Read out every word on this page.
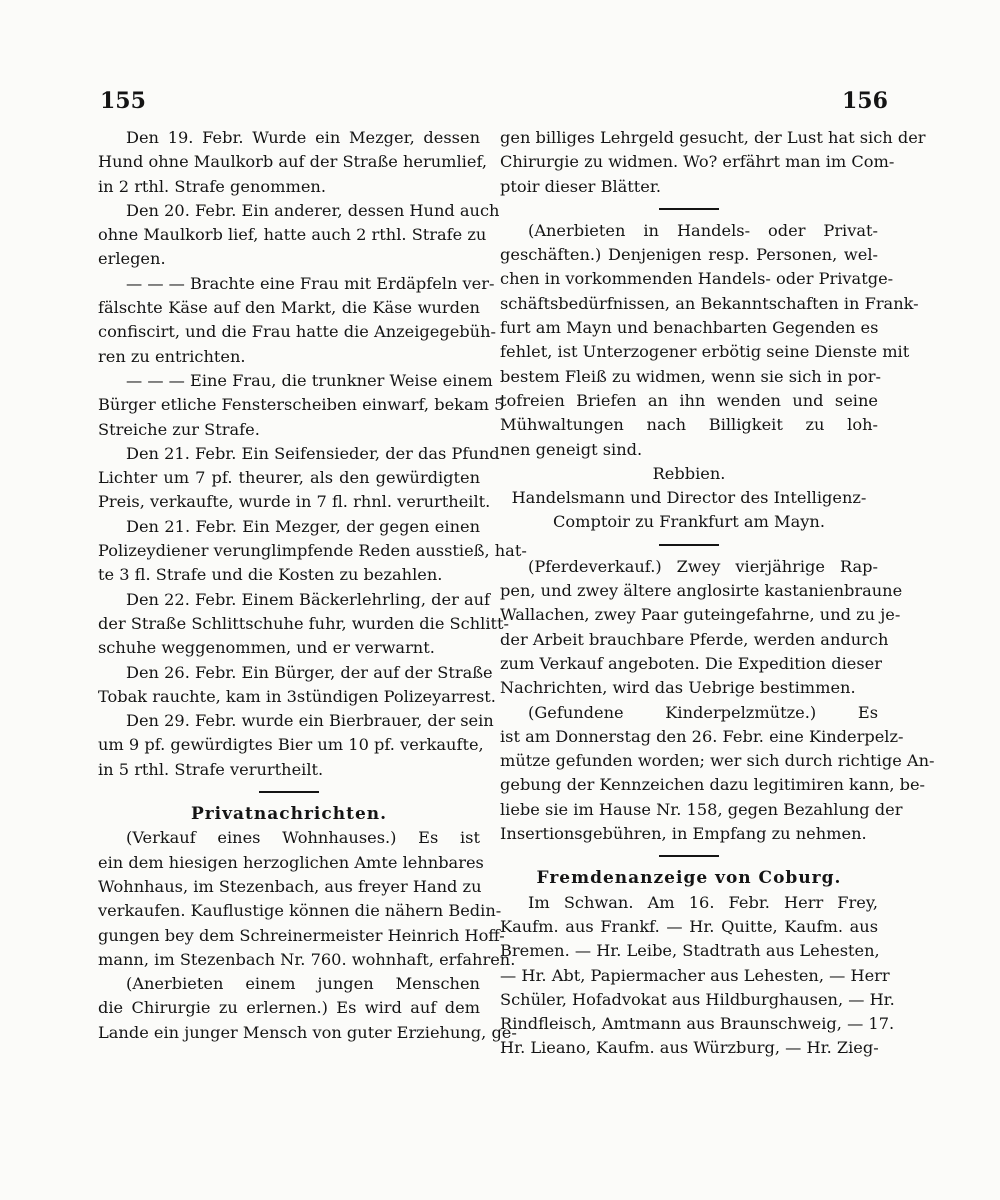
155	156
Den 19. Febr. Wurde ein Mezger, dessen
Hund ohne Maulkorb auf der Straße herumlief,
in 2 rthl. Strafe genommen.
Den 20. Febr. Ein anderer, dessen Hund auch
ohne Maulkorb lief, hatte auch 2 rthl. Strafe zu
erlegen.
— — — Brachte eine Frau mit Erdäpfeln ver-
fälschte Käse auf den Markt, die Käse wurden
confiscirt, und die Frau hatte die Anzeigegebüh-
ren zu entrichten.
— — — Eine Frau, die trunkner Weise einem
Bürger etliche Fensterscheiben einwarf, bekam 5
Streiche zur Strafe.
Den 21. Febr. Ein Seifensieder, der das Pfund
Lichter um 7 pf. theurer, als den gewürdigten
Preis, verkaufte, wurde in 7 fl. rhnl. verurtheilt.
Den 21. Febr. Ein Mezger, der gegen einen
Polizeydiener verunglimpfende Reden ausstieß, hat-
te 3 fl. Strafe und die Kosten zu bezahlen.
Den 22. Febr. Einem Bäckerlehrling, der auf
der Straße Schlittschuhe fuhr, wurden die Schlitt-
schuhe weggenommen, und er verwarnt.
Den 26. Febr. Ein Bürger, der auf der Straße
Tobak rauchte, kam in 3stündigen Polizeyarrest.
Den 29. Febr. wurde ein Bierbrauer, der sein
um 9 pf. gewürdigtes Bier um 10 pf. verkaufte,
in 5 rthl. Strafe verurtheilt.
Privatnachrichten.
(Verkauf eines Wohnhauses.) Es ist
ein dem hiesigen herzoglichen Amte lehnbares
Wohnhaus, im Stezenbach, aus freyer Hand zu
verkaufen. Kauflustige können die nähern Bedin-
gungen bey dem Schreinermeister Heinrich Hoff-
mann, im Stezenbach Nr. 760. wohnhaft, erfahren.
(Anerbieten einem jungen Menschen
die Chirurgie zu erlernen.) Es wird auf dem
Lande ein junger Mensch von guter Erziehung, ge-
gen billiges Lehrgeld gesucht, der Lust hat sich der
Chirurgie zu widmen. Wo? erfährt man im Com-
ptoir dieser Blätter.
(Anerbieten in Handels- oder Privat-
geschäften.) Denjenigen resp. Personen, wel-
chen in vorkommenden Handels- oder Privatge-
schäftsbedürfnissen, an Bekanntschaften in Frank-
furt am Mayn und benachbarten Gegenden es
fehlet, ist Unterzogener erbötig seine Dienste mit
bestem Fleiß zu widmen, wenn sie sich in por-
tofreien Briefen an ihn wenden und seine
Mühwaltungen nach Billigkeit zu loh-
nen geneigt sind.
Rebbien.
Handelsmann und Director des Intelligenz-
Comptoir zu Frankfurt am Mayn.
(Pferdeverkauf.) Zwey vierjährige Rap-
pen, und zwey ältere anglosirte kastanienbraune
Wallachen, zwey Paar guteingefahrne, und zu je-
der Arbeit brauchbare Pferde, werden andurch
zum Verkauf angeboten. Die Expedition dieser
Nachrichten, wird das Uebrige bestimmen.
(Gefundene Kinderpelzmütze.) Es
ist am Donnerstag den 26. Febr. eine Kinderpelz-
mütze gefunden worden; wer sich durch richtige An-
gebung der Kennzeichen dazu legitimiren kann, be-
liebe sie im Hause Nr. 158, gegen Bezahlung der
Insertionsgebühren, in Empfang zu nehmen.
Fremdenanzeige von Coburg.
Im Schwan. Am 16. Febr. Herr Frey,
Kaufm. aus Frankf. — Hr. Quitte, Kaufm. aus
Bremen. — Hr. Leibe, Stadtrath aus Lehesten,
— Hr. Abt, Papiermacher aus Lehesten, — Herr
Schüler, Hofadvokat aus Hildburghausen, — Hr.
Rindfleisch, Amtmann aus Braunschweig, — 17.
Hr. Lieano, Kaufm. aus Würzburg, — Hr. Zieg-
